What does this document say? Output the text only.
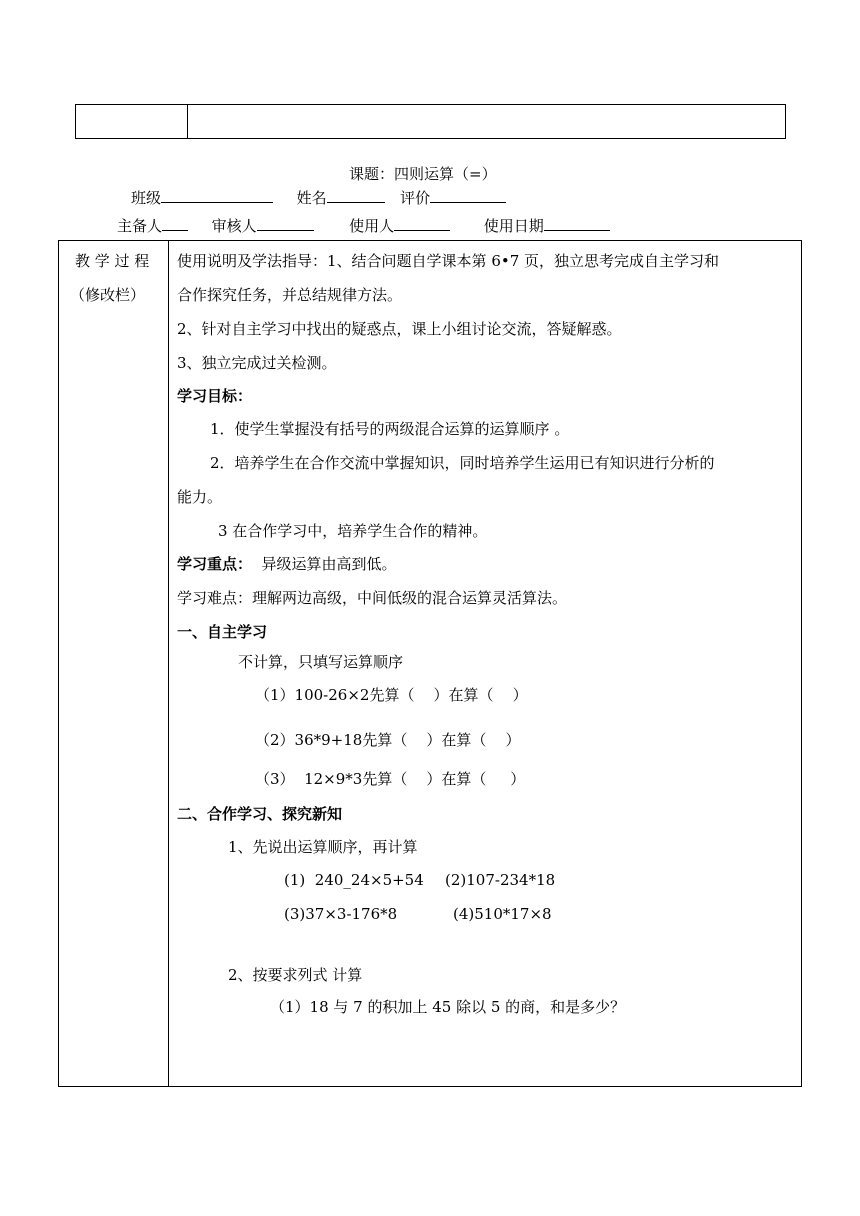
课题：四则运算（=）
班级	姓名	评价
主备人	审核人	使用人	使用日期
教 学 过 程
（修改栏）
使用说明及学法指导：1、结合问题自学课本第 6•7 页，独立思考完成自主学习和
合作探究任务，并总结规律方法。
2、针对自主学习中找出的疑惑点，课上小组讨论交流，答疑解惑。
3、独立完成过关检测。
学习目标：
1．使学生掌握没有括号的两级混合运算的运算顺序 。
2．培养学生在合作交流中掌握知识，同时培养学生运用已有知识进行分析的
能力。
3 在合作学习中，培养学生合作的精神。
学习重点：  异级运算由高到低。
学习难点：理解两边高级，中间低级的混合运算灵活算法。
一、自主学习
不计算，只填写运算顺序
（1）100-26×2先算（    ）在算（    ）
（2）36*9+18先算（    ）在算（    ）
（3）  12×9*3先算（    ）在算（     ）
二、合作学习、探究新知
1、先说出运算顺序，再计算
(1)  240_24×5+54 (2)107-234*18
(3)37×3-176*8	(4)510*17×8
2、按要求列式 计算
（1）18 与 7 的积加上 45 除以 5 的商，和是多少？
